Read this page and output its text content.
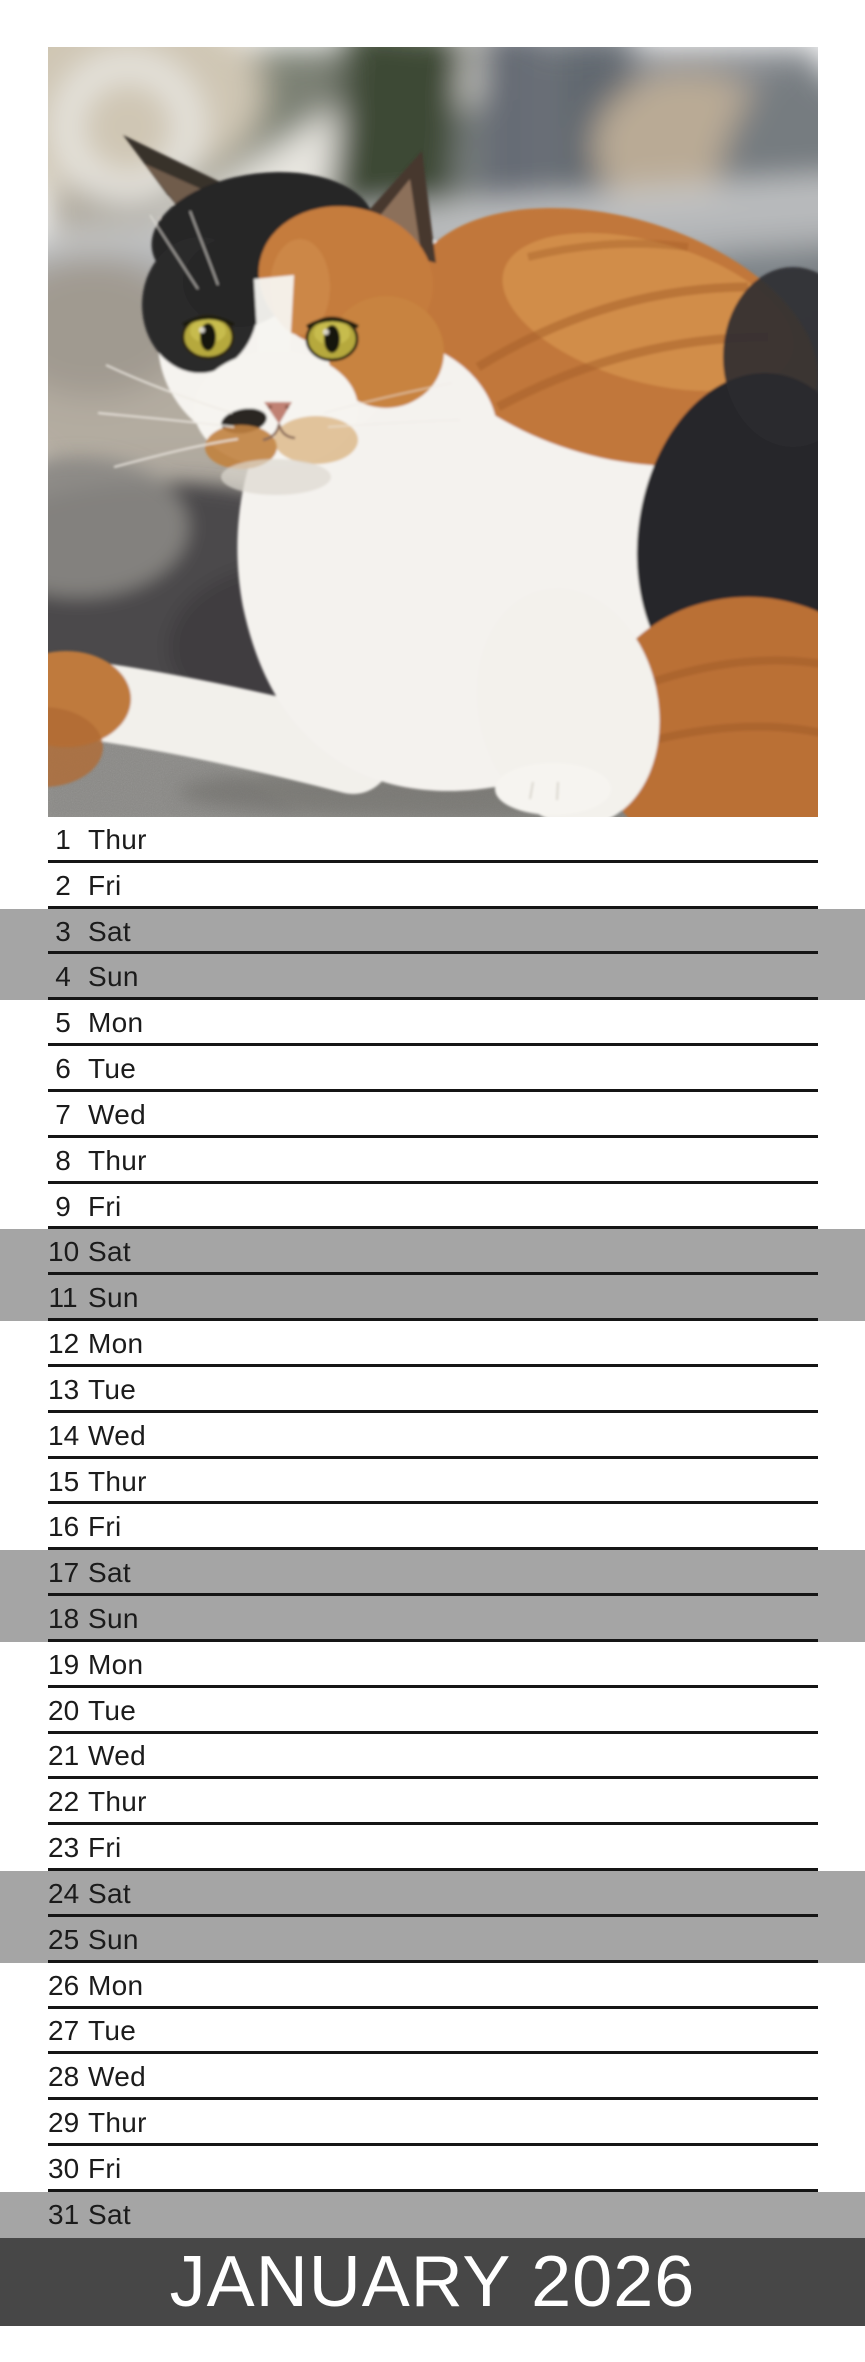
1 Thur
2 Fri
3 Sat
4 Sun
5 Mon
6 Tue
7 Wed
8 Thur
9 Fri
10 Sat
11 Sun
12 Mon
13 Tue
14 Wed
15 Thur
16 Fri
17 Sat
18 Sun
19 Mon
20 Tue
21 Wed
22 Thur
23 Fri
24 Sat
25 Sun
26 Mon
27 Tue
28 Wed
29 Thur
30 Fri
31 Sat
JANUARY 2026
